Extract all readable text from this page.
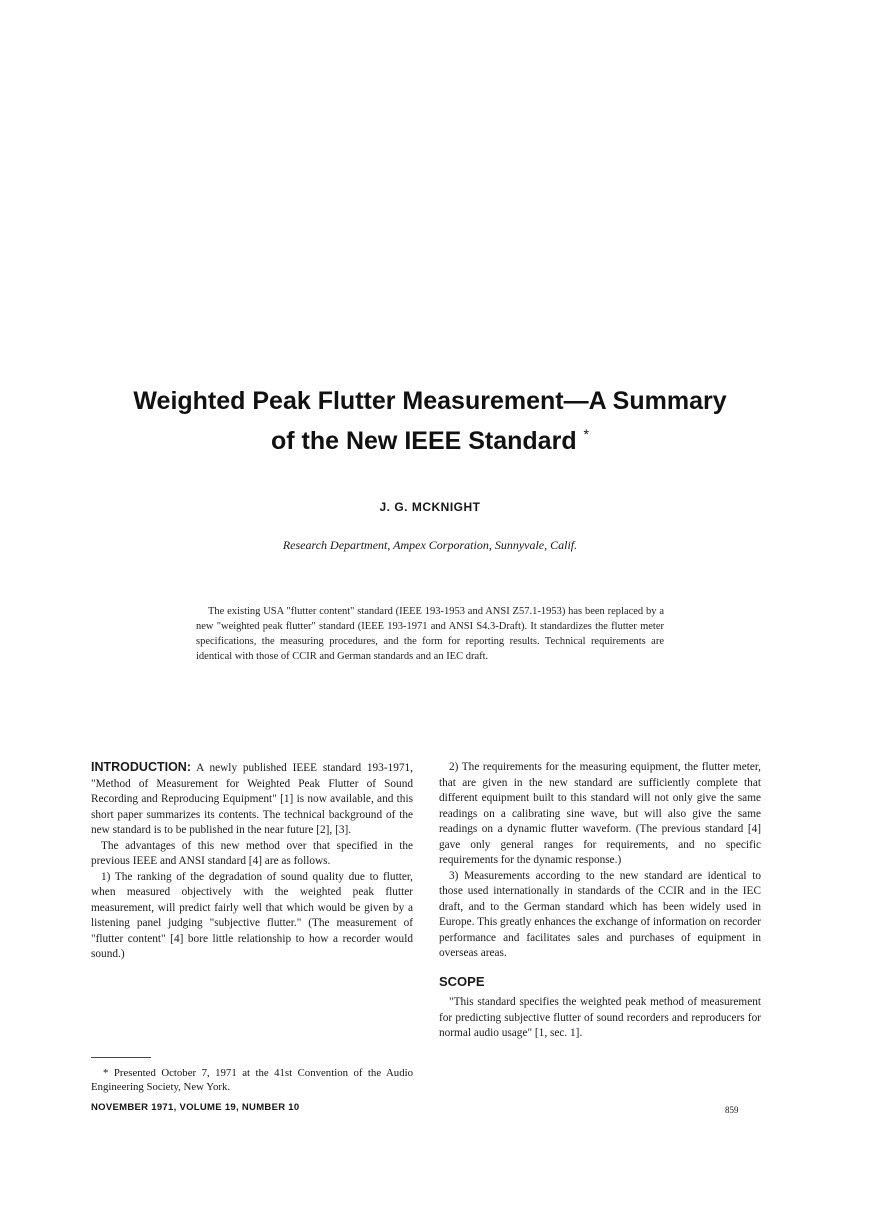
Weighted Peak Flutter Measurement—A Summary
of the New IEEE Standard *
J. G. MCKNIGHT
Research Department, Ampex Corporation, Sunnyvale, Calif.
The existing USA "flutter content" standard (IEEE 193-1953 and ANSI Z57.1-1953) has been replaced by a new "weighted peak flutter" standard (IEEE 193-1971 and ANSI S4.3-Draft). It standardizes the flutter meter specifications, the measuring procedures, and the form for reporting results. Technical requirements are identical with those of CCIR and German standards and an IEC draft.

INTRODUCTION: A newly published IEEE standard 193-1971, "Method of Measurement for Weighted Peak Flutter of Sound Recording and Reproducing Equipment" [1] is now available, and this short paper summarizes its contents. The technical background of the new standard is to be published in the near future [2], [3].

The advantages of this new method over that specified in the previous IEEE and ANSI standard [4] are as follows.

1) The ranking of the degradation of sound quality due to flutter, when measured objectively with the weighted peak flutter measurement, will predict fairly well that which would be given by a listening panel judging "subjective flutter." (The measurement of "flutter content" [4] bore little relationship to how a recorder would sound.)

2) The requirements for the measuring equipment, the flutter meter, that are given in the new standard are sufficiently complete that different equipment built to this standard will not only give the same readings on a calibrating sine wave, but will also give the same readings on a dynamic flutter waveform. (The previous standard [4] gave only general ranges for requirements, and no specific requirements for the dynamic response.)

3) Measurements according to the new standard are identical to those used internationally in standards of the CCIR and in the IEC draft, and to the German standard which has been widely used in Europe. This greatly enhances the exchange of information on recorder performance and facilitates sales and purchases of equipment in overseas areas.

SCOPE

"This standard specifies the weighted peak method of measurement for predicting subjective flutter of sound recorders and reproducers for normal audio usage" [1, sec. 1].

* Presented October 7, 1971 at the 41st Convention of the Audio Engineering Society, New York.
NOVEMBER 1971, VOLUME 19, NUMBER 10	859
